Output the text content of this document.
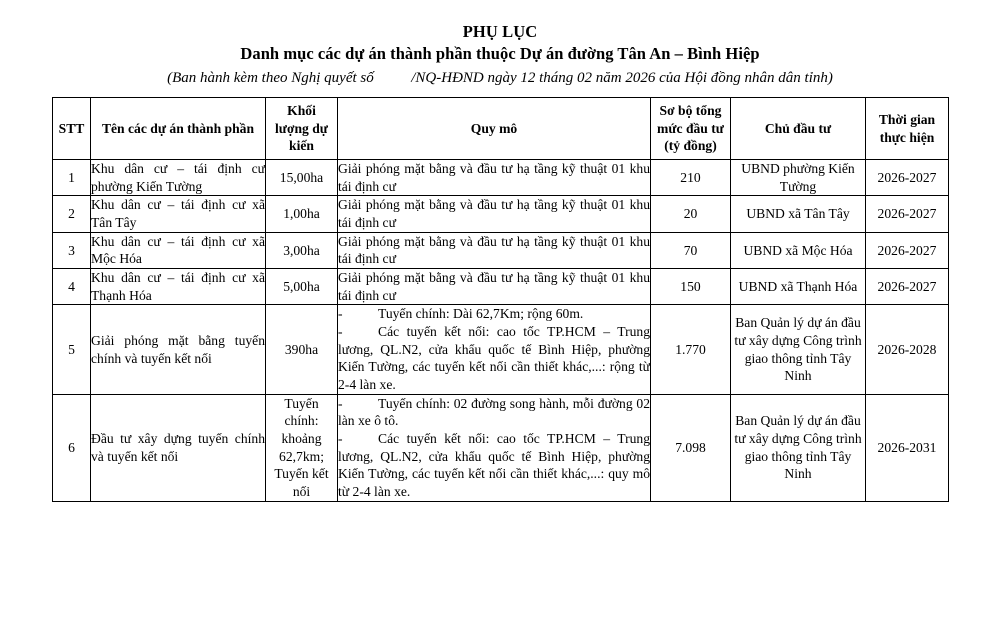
PHỤ LỤC
Danh mục các dự án thành phần thuộc Dự án đường Tân An – Bình Hiệp
(Ban hành kèm theo Nghị quyết số          /NQ-HĐND ngày 12 tháng 02 năm 2026 của Hội đồng nhân dân tỉnh)
STT	Tên các dự án thành phần	Khối lượng dự kiến	Quy mô	Sơ bộ tổng mức đầu tư (tỷ đồng)	Chủ đầu tư	Thời gian thực hiện
1	Khu dân cư – tái định cư phường Kiến Tường	15,00ha	Giải phóng mặt bằng và đầu tư hạ tầng kỹ thuật 01 khu tái định cư	210	UBND phường Kiến Tường	2026-2027
2	Khu dân cư – tái định cư xã Tân Tây	1,00ha	Giải phóng mặt bằng và đầu tư hạ tầng kỹ thuật 01 khu tái định cư	20	UBND xã Tân Tây	2026-2027
3	Khu dân cư – tái định cư xã Mộc Hóa	3,00ha	Giải phóng mặt bằng và đầu tư hạ tầng kỹ thuật 01 khu tái định cư	70	UBND xã Mộc Hóa	2026-2027
4	Khu dân cư – tái định cư xã Thạnh Hóa	5,00ha	Giải phóng mặt bằng và đầu tư hạ tầng kỹ thuật 01 khu tái định cư	150	UBND xã Thạnh Hóa	2026-2027
5	Giải phóng mặt bằng tuyến chính và tuyến kết nối	390ha	- Tuyến chính: Dài 62,7Km; rộng 60m.
- Các tuyến kết nối: cao tốc TP.HCM – Trung lương, QL.N2, cửa khẩu quốc tế Bình Hiệp, phường Kiến Tường, các tuyến kết nối cần thiết khác,...: rộng từ 2-4 làn xe.	1.770	Ban Quản lý dự án đầu tư xây dựng Công trình giao thông tỉnh Tây Ninh	2026-2028
6	Đầu tư xây dựng tuyến chính và tuyến kết nối	Tuyến chính: khoảng 62,7km; Tuyến kết nối	- Tuyến chính: 02 đường song hành, mỗi đường 02 làn xe ô tô.
- Các tuyến kết nối: cao tốc TP.HCM – Trung lương, QL.N2, cửa khẩu quốc tế Bình Hiệp, phường Kiến Tường, các tuyến kết nối cần thiết khác,...: quy mô từ 2-4 làn xe.	7.098	Ban Quản lý dự án đầu tư xây dựng Công trình giao thông tỉnh Tây Ninh	2026-2031
